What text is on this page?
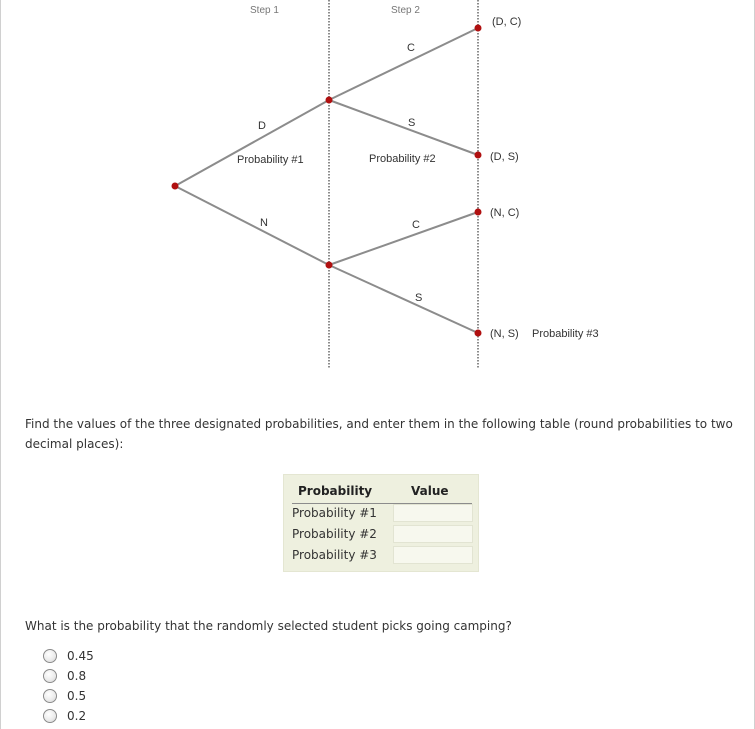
Step 1	Step 2
D
N
C
S
C
S
Probability #1	Probability #2
Probability #3
(D, C)
(D, S)
(N, C)
(N, S)
Find the values of the three designated probabilities, and enter them in the following table (round probabilities to two decimal places):
Probability	Value
Probability #1
Probability #2
Probability #3
What is the probability that the randomly selected student picks going camping?
0.45
0.8
0.5
0.2
